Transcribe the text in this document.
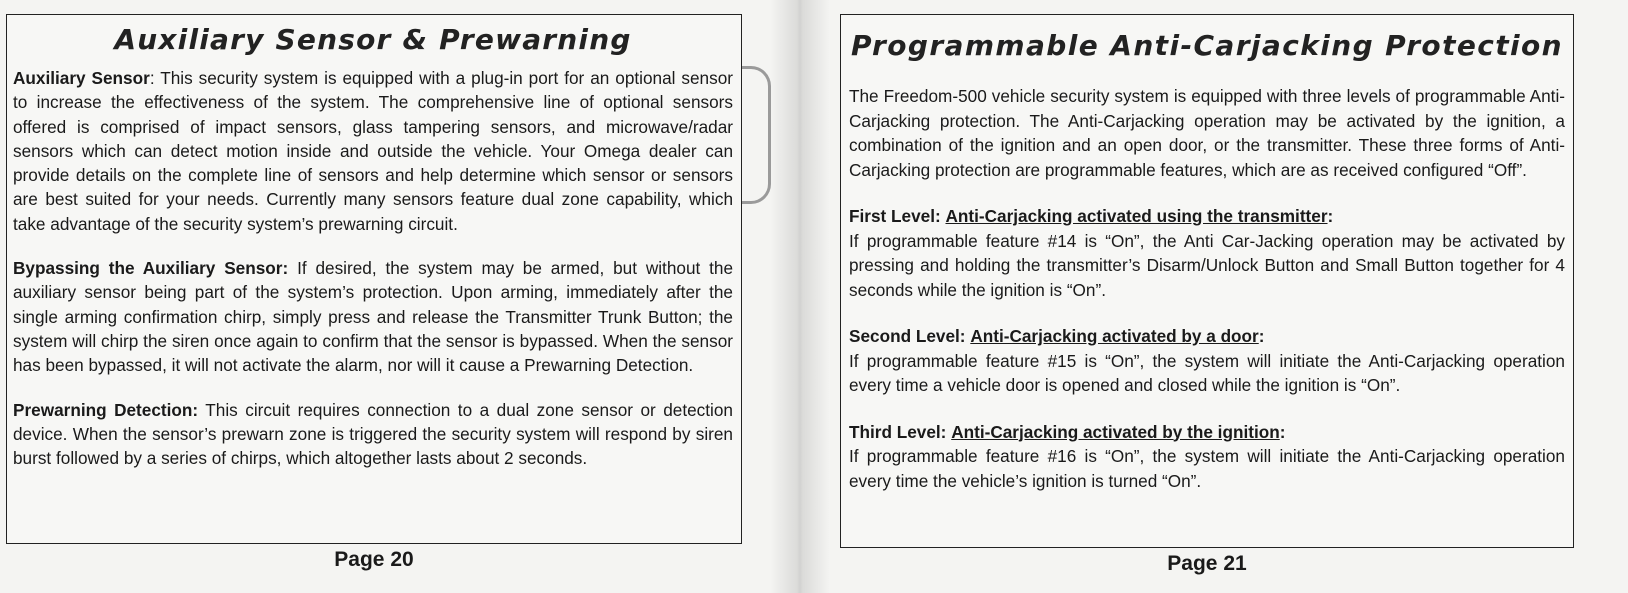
Auxiliary Sensor & Prewarning

Auxiliary Sensor: This security system is equipped with a plug-in port for an optional sensor to increase the effectiveness of the system. The comprehensive line of optional sensors offered is comprised of impact sensors, glass tampering sensors, and microwave/radar sensors which can detect motion inside and outside the vehicle. Your Omega dealer can provide details on the complete line of sensors and help determine which sensor or sensors are best suited for your needs. Currently many sensors feature dual zone capability, which take advantage of the security system’s prewarning circuit.

Bypassing the Auxiliary Sensor: If desired, the system may be armed, but without the auxiliary sensor being part of the system’s protection. Upon arming, immediately after the single arming confirmation chirp, simply press and release the Transmitter Trunk Button; the system will chirp the siren once again to confirm that the sensor is bypassed. When the sensor has been bypassed, it will not activate the alarm, nor will it cause a Prewarning Detection.

Prewarning Detection: This circuit requires connection to a dual zone sensor or detection device. When the sensor’s prewarn zone is triggered the security system will respond by siren burst followed by a series of chirps, which altogether lasts about 2 seconds.

Page 20
Programmable Anti-Carjacking Protection

The Freedom-500 vehicle security system is equipped with three levels of programmable Anti-Carjacking protection. The Anti-Carjacking operation may be activated by the ignition, a combination of the ignition and an open door, or the transmitter. These three forms of Anti-Carjacking protection are programmable features, which are as received configured “Off”.

First Level: Anti-Carjacking activated using the transmitter:

If programmable feature #14 is “On”, the Anti Car-Jacking operation may be activated by pressing and holding the transmitter’s Disarm/Unlock Button and Small Button together for 4 seconds while the ignition is “On”.

Second Level: Anti-Carjacking activated by a door:

If programmable feature #15 is “On”, the system will initiate the Anti-Carjacking operation every time a vehicle door is opened and closed while the ignition is “On”.

Third Level: Anti-Carjacking activated by the ignition:

If programmable feature #16 is “On”, the system will initiate the Anti-Carjacking operation every time the vehicle’s ignition is turned “On”.

Page 21
